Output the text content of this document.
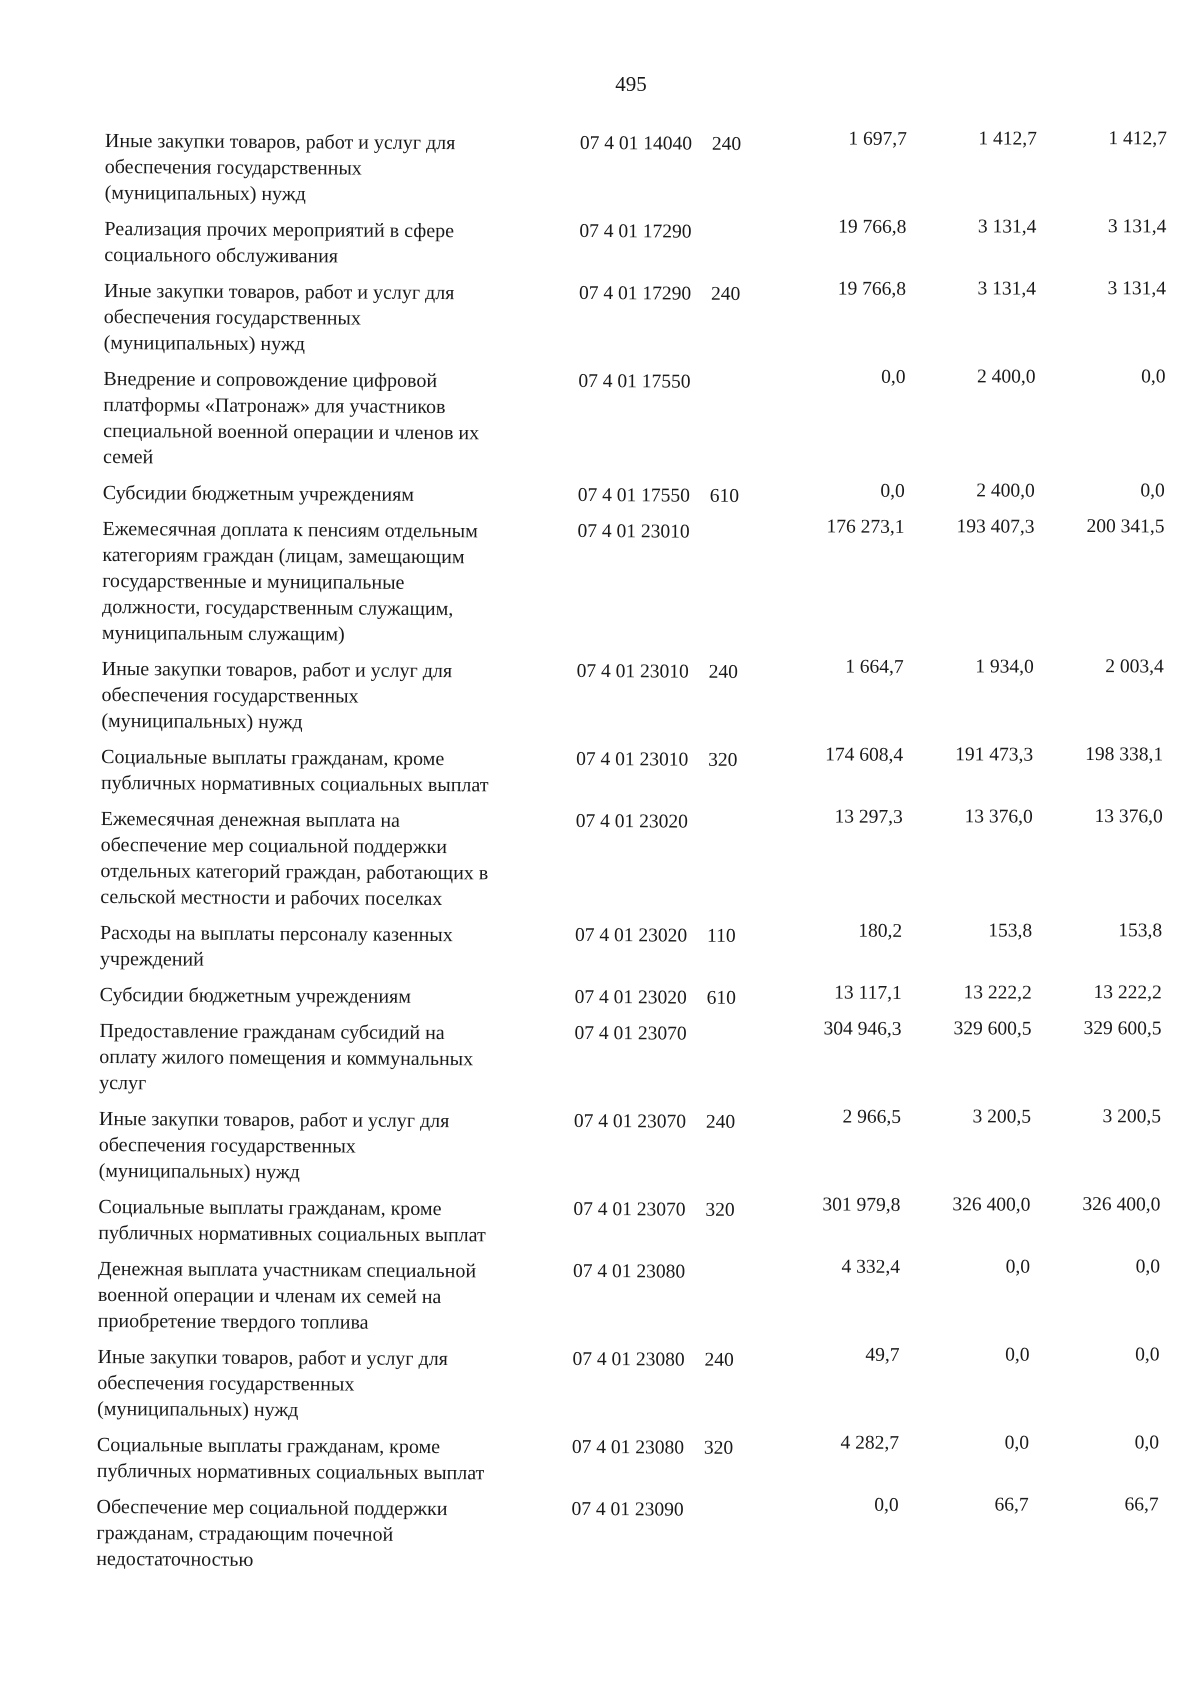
495
Иные закупки товаров, работ и услуг для
обеспечения государственных
(муниципальных) нужд
07 4 01 14040	240	1 697,7	1 412,7	1 412,7
Реализация прочих мероприятий в сфере
социального обслуживания
07 4 01 17290	19 766,8	3 131,4	3 131,4
Иные закупки товаров, работ и услуг для
обеспечения государственных
(муниципальных) нужд
07 4 01 17290	240	19 766,8	3 131,4	3 131,4
Внедрение и сопровождение цифровой
платформы «Патронаж» для участников
специальной военной операции и членов их
семей
07 4 01 17550	0,0	2 400,0	0,0
Субсидии бюджетным учреждениям	07 4 01 17550	610	0,0	2 400,0	0,0
Ежемесячная доплата к пенсиям отдельным
категориям граждан (лицам, замещающим
государственные и муниципальные
должности, государственным служащим,
муниципальным служащим)
07 4 01 23010	176 273,1	193 407,3	200 341,5
Иные закупки товаров, работ и услуг для
обеспечения государственных
(муниципальных) нужд
07 4 01 23010	240	1 664,7	1 934,0	2 003,4
Социальные выплаты гражданам, кроме
публичных нормативных социальных выплат
07 4 01 23010	320	174 608,4	191 473,3	198 338,1
Ежемесячная денежная выплата на
обеспечение мер социальной поддержки
отдельных категорий граждан, работающих в
сельской местности и рабочих поселках
07 4 01 23020	13 297,3	13 376,0	13 376,0
Расходы на выплаты персоналу казенных
учреждений
07 4 01 23020	110	180,2	153,8	153,8
Субсидии бюджетным учреждениям	07 4 01 23020	610	13 117,1	13 222,2	13 222,2
Предоставление гражданам субсидий на
оплату жилого помещения и коммунальных
услуг
07 4 01 23070	304 946,3	329 600,5	329 600,5
Иные закупки товаров, работ и услуг для
обеспечения государственных
(муниципальных) нужд
07 4 01 23070	240	2 966,5	3 200,5	3 200,5
Социальные выплаты гражданам, кроме
публичных нормативных социальных выплат
07 4 01 23070	320	301 979,8	326 400,0	326 400,0
Денежная выплата участникам специальной
военной операции и членам их семей на
приобретение твердого топлива
07 4 01 23080	4 332,4	0,0	0,0
Иные закупки товаров, работ и услуг для
обеспечения государственных
(муниципальных) нужд
07 4 01 23080	240	49,7	0,0	0,0
Социальные выплаты гражданам, кроме
публичных нормативных социальных выплат
07 4 01 23080	320	4 282,7	0,0	0,0
Обеспечение мер социальной поддержки
гражданам, страдающим почечной
недостаточностью
07 4 01 23090	0,0	66,7	66,7
